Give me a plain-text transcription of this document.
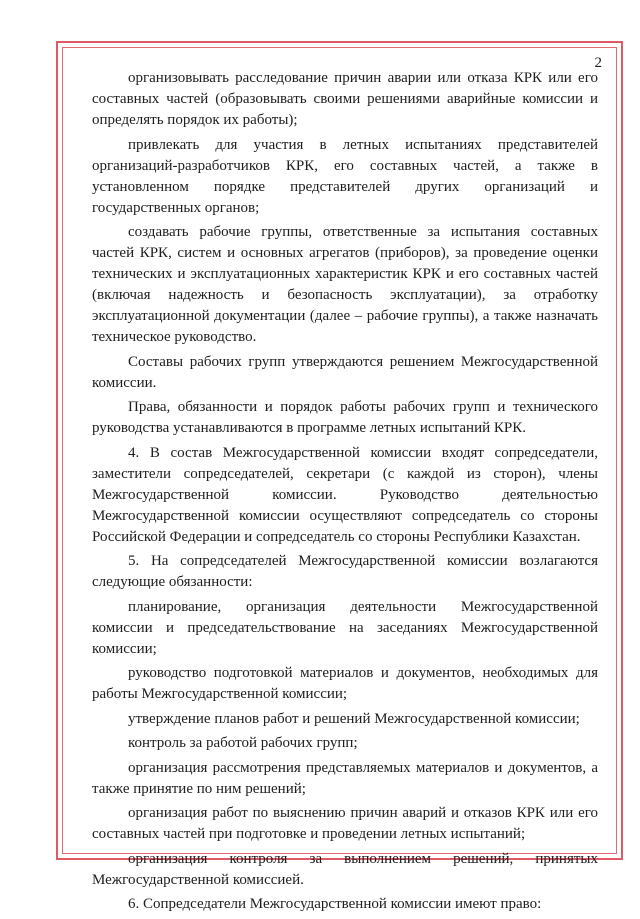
2

организовывать расследование причин аварии или отказа КРК или его составных частей (образовывать своими решениями аварийные комиссии и определять порядок их работы);

привлекать для участия в летных испытаниях представителей организаций-разработчиков КРК, его составных частей, а также в установленном порядке представителей других организаций и государственных органов;

создавать рабочие группы, ответственные за испытания составных частей КРК, систем и основных агрегатов (приборов), за проведение оценки технических и эксплуатационных характеристик КРК и его составных частей (включая надежность и безопасность эксплуатации), за отработку эксплуатационной документации (далее – рабочие группы), а также назначать техническое руководство.

Составы рабочих групп утверждаются решением Межгосударственной комиссии.

Права, обязанности и порядок работы рабочих групп и технического руководства устанавливаются в программе летных испытаний КРК.

4. В состав Межгосударственной комиссии входят сопредседатели, заместители сопредседателей, секретари (с каждой из сторон), члены Межгосударственной комиссии. Руководство деятельностью Межгосударственной комиссии осуществляют сопредседатель со стороны Российской Федерации и сопредседатель со стороны Республики Казахстан.

5. На сопредседателей Межгосударственной комиссии возлагаются следующие обязанности:

планирование, организация деятельности Межгосударственной комиссии и председательствование на заседаниях Межгосударственной комиссии;

руководство подготовкой материалов и документов, необходимых для работы Межгосударственной комиссии;

утверждение планов работ и решений Межгосударственной комиссии;

контроль за работой рабочих групп;

организация рассмотрения представляемых материалов и документов, а также принятие по ним решений;

организация работ по выяснению причин аварий и отказов КРК или его составных частей при подготовке и проведении летных испытаний;

организация контроля за выполнением решений, принятых Межгосударственной комиссией.

6. Сопредседатели Межгосударственной комиссии имеют право:
